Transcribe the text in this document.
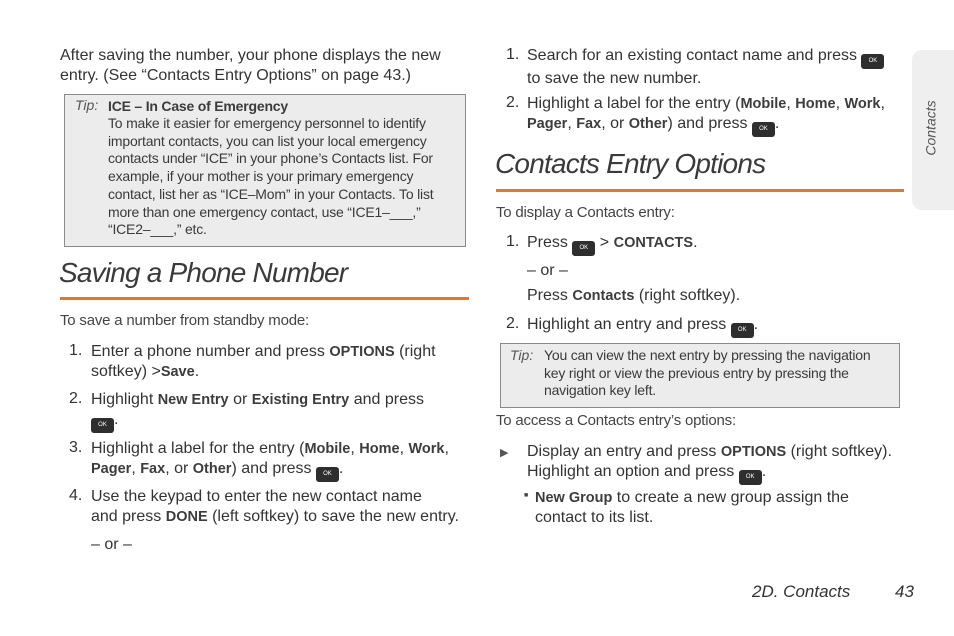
After saving the number, your phone displays the new
entry. (See “Contacts Entry Options” on page 43.)
Tip: ICE – In Case of Emergency
To make it easier for emergency personnel to identify
important contacts, you can list your local emergency
contacts under “ICE” in your phone’s Contacts list. For
example, if your mother is your primary emergency
contact, list her as “ICE–Mom” in your Contacts. To list
more than one emergency contact, use “ICE1–___,”
“ICE2–___,” etc.
Saving a Phone Number
To save a number from standby mode:
1. Enter a phone number and press OPTIONS (right
softkey) >Save.
2. Highlight New Entry or Existing Entry and press
OK .
3. Highlight a label for the entry (Mobile, Home, Work,
Pager, Fax, or Other) and press OK .
4. Use the keypad to enter the new contact name
and press DONE (left softkey) to save the new entry.
– or –
1. Search for an existing contact name and press OK
to save the new number.
2. Highlight a label for the entry (Mobile, Home, Work,
Pager, Fax, or Other) and press OK .
Contacts Entry Options
To display a Contacts entry:
1. Press OK > CONTACTS.
– or –
Press Contacts (right softkey).
2. Highlight an entry and press OK .
Tip: You can view the next entry by pressing the navigation
key right or view the previous entry by pressing the
navigation key left.
To access a Contacts entry’s options:
▶ Display an entry and press OPTIONS (right softkey).
Highlight an option and press OK .
■ New Group to create a new group assign the
contact to its list.
Contacts
2D. Contacts	43
